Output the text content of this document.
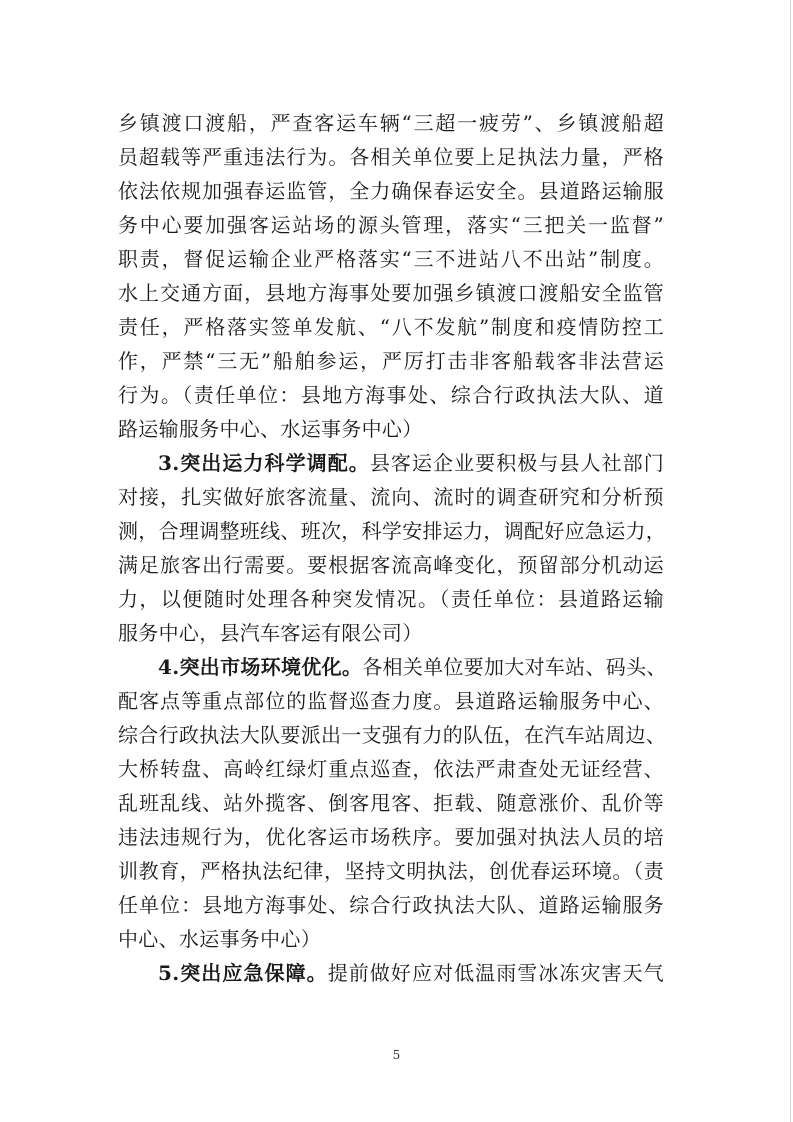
乡镇渡口渡船，严查客运车辆“三超一疲劳”、乡镇渡船超
员超载等严重违法行为。各相关单位要上足执法力量，严格
依法依规加强春运监管，全力确保春运安全。县道路运输服
务中心要加强客运站场的源头管理，落实“三把关一监督”
职责，督促运输企业严格落实“三不进站八不出站”制度。
水上交通方面，县地方海事处要加强乡镇渡口渡船安全监管
责任，严格落实签单发航、“八不发航”制度和疫情防控工
作，严禁“三无”船舶参运，严厉打击非客船载客非法营运
行为。（责任单位：县地方海事处、综合行政执法大队、道
路运输服务中心、水运事务中心）
3.突出运力科学调配。县客运企业要积极与县人社部门
对接，扎实做好旅客流量、流向、流时的调查研究和分析预
测，合理调整班线、班次，科学安排运力，调配好应急运力，
满足旅客出行需要。要根据客流高峰变化，预留部分机动运
力，以便随时处理各种突发情况。（责任单位：县道路运输
服务中心，县汽车客运有限公司）
4.突出市场环境优化。各相关单位要加大对车站、码头、
配客点等重点部位的监督巡查力度。县道路运输服务中心、
综合行政执法大队要派出一支强有力的队伍，在汽车站周边、
大桥转盘、高岭红绿灯重点巡查，依法严肃查处无证经营、
乱班乱线、站外揽客、倒客甩客、拒载、随意涨价、乱价等
违法违规行为，优化客运市场秩序。要加强对执法人员的培
训教育，严格执法纪律，坚持文明执法，创优春运环境。（责
任单位：县地方海事处、综合行政执法大队、道路运输服务
中心、水运事务中心）
5.突出应急保障。提前做好应对低温雨雪冰冻灾害天气
5
